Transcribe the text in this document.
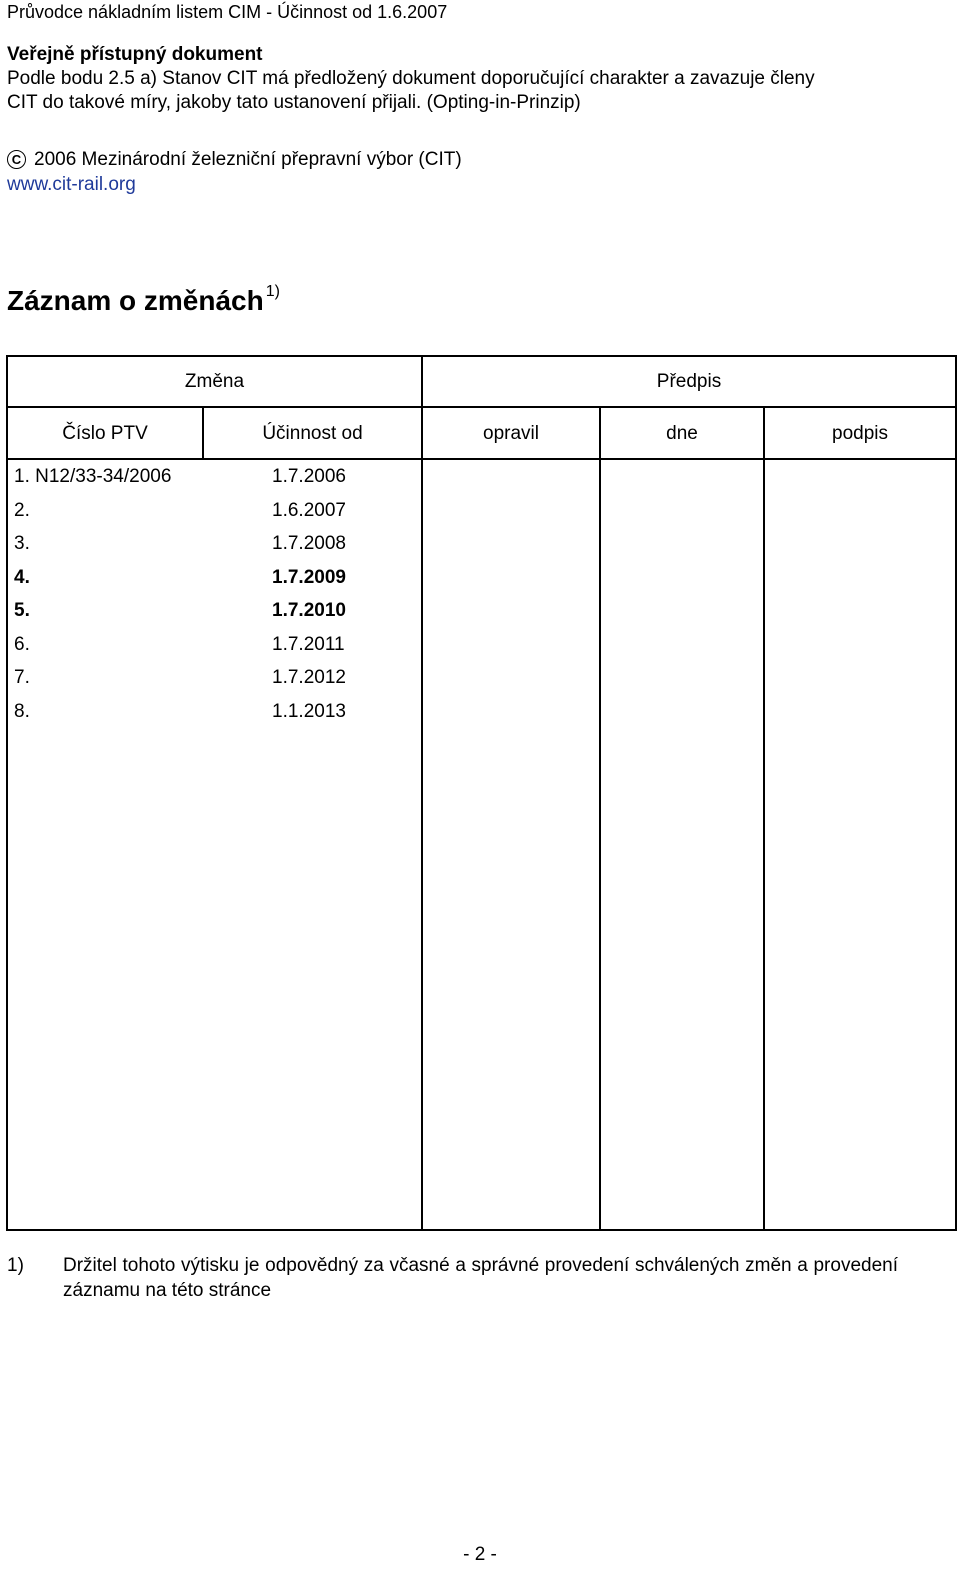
Průvodce nákladním listem CIM - Účinnost od 1.6.2007
Veřejně přístupný dokument
Podle bodu 2.5 a) Stanov CIT má předložený dokument doporučující charakter a zavazuje členy
CIT do takové míry, jakoby tato ustanovení přijali. (Opting-in-Prinzip)
C 2006 Mezinárodní železniční přepravní výbor (CIT)
www.cit-rail.org
Záznam o změnách $^{1)}$
Změna	Předpis
Číslo PTV	Účinnost od	opravil	dne	podpis
1. N12/33-34/2006	1.7.2006
2.	1.6.2007
3.	1.7.2008
4.	1.7.2009
5.	1.7.2010
6.	1.7.2011
7.	1.7.2012
8.	1.1.2013
1) Držitel tohoto výtisku je odpovědný za včasné a správné provedení schválených změn a provedení záznamu na této stránce
- 2 -
